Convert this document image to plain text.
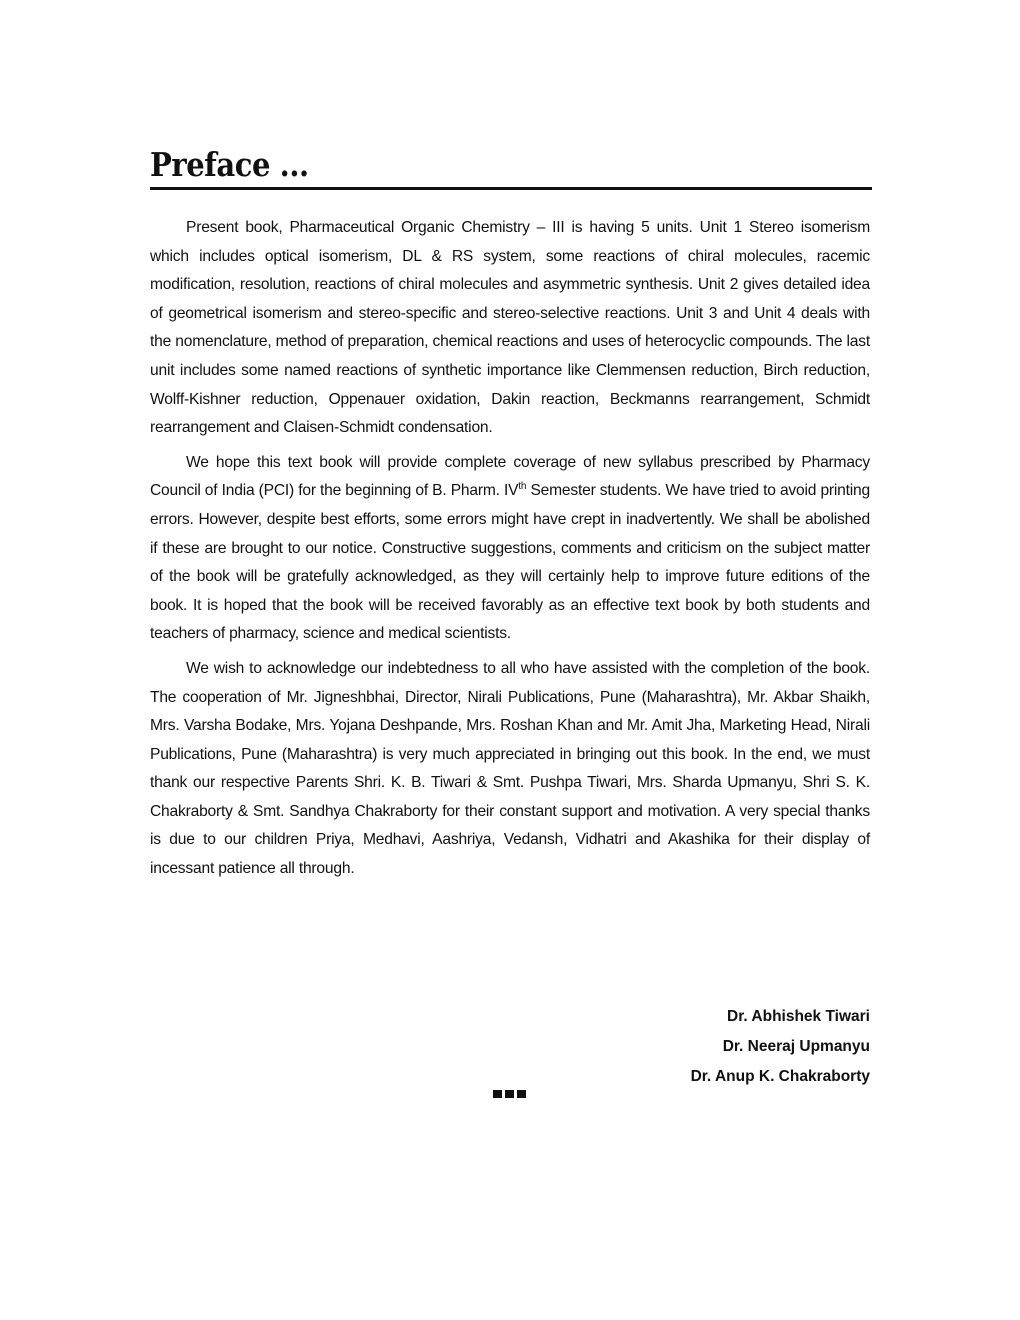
Preface ...

Present book, Pharmaceutical Organic Chemistry – III is having 5 units. Unit 1 Stereo isomerism which includes optical isomerism, DL & RS system, some reactions of chiral molecules, racemic modification, resolution, reactions of chiral molecules and asymmetric synthesis. Unit 2 gives detailed idea of geometrical isomerism and stereo-specific and stereo-selective reactions. Unit 3 and Unit 4 deals with the nomenclature, method of preparation, chemical reactions and uses of heterocyclic compounds. The last unit includes some named reactions of synthetic importance like Clemmensen reduction, Birch reduction, Wolff-Kishner reduction, Oppenauer oxidation, Dakin reaction, Beckmanns rearrangement, Schmidt rearrangement and Claisen-Schmidt condensation.

We hope this text book will provide complete coverage of new syllabus prescribed by Pharmacy Council of India (PCI) for the beginning of B. Pharm. IVth Semester students. We have tried to avoid printing errors. However, despite best efforts, some errors might have crept in inadvertently. We shall be abolished if these are brought to our notice. Constructive suggestions, comments and criticism on the subject matter of the book will be gratefully acknowledged, as they will certainly help to improve future editions of the book. It is hoped that the book will be received favorably as an effective text book by both students and teachers of pharmacy, science and medical scientists.

We wish to acknowledge our indebtedness to all who have assisted with the completion of the book. The cooperation of Mr. Jigneshbhai, Director, Nirali Publications, Pune (Maharashtra), Mr. Akbar Shaikh, Mrs. Varsha Bodake, Mrs. Yojana Deshpande, Mrs. Roshan Khan and Mr. Amit Jha, Marketing Head, Nirali Publications, Pune (Maharashtra) is very much appreciated in bringing out this book. In the end, we must thank our respective Parents Shri. K. B. Tiwari & Smt. Pushpa Tiwari, Mrs. Sharda Upmanyu, Shri S. K. Chakraborty & Smt. Sandhya Chakraborty for their constant support and motivation. A very special thanks is due to our children Priya, Medhavi, Aashriya, Vedansh, Vidhatri and Akashika for their display of incessant patience all through.

Dr. Abhishek Tiwari
Dr. Neeraj Upmanyu
Dr. Anup K. Chakraborty
